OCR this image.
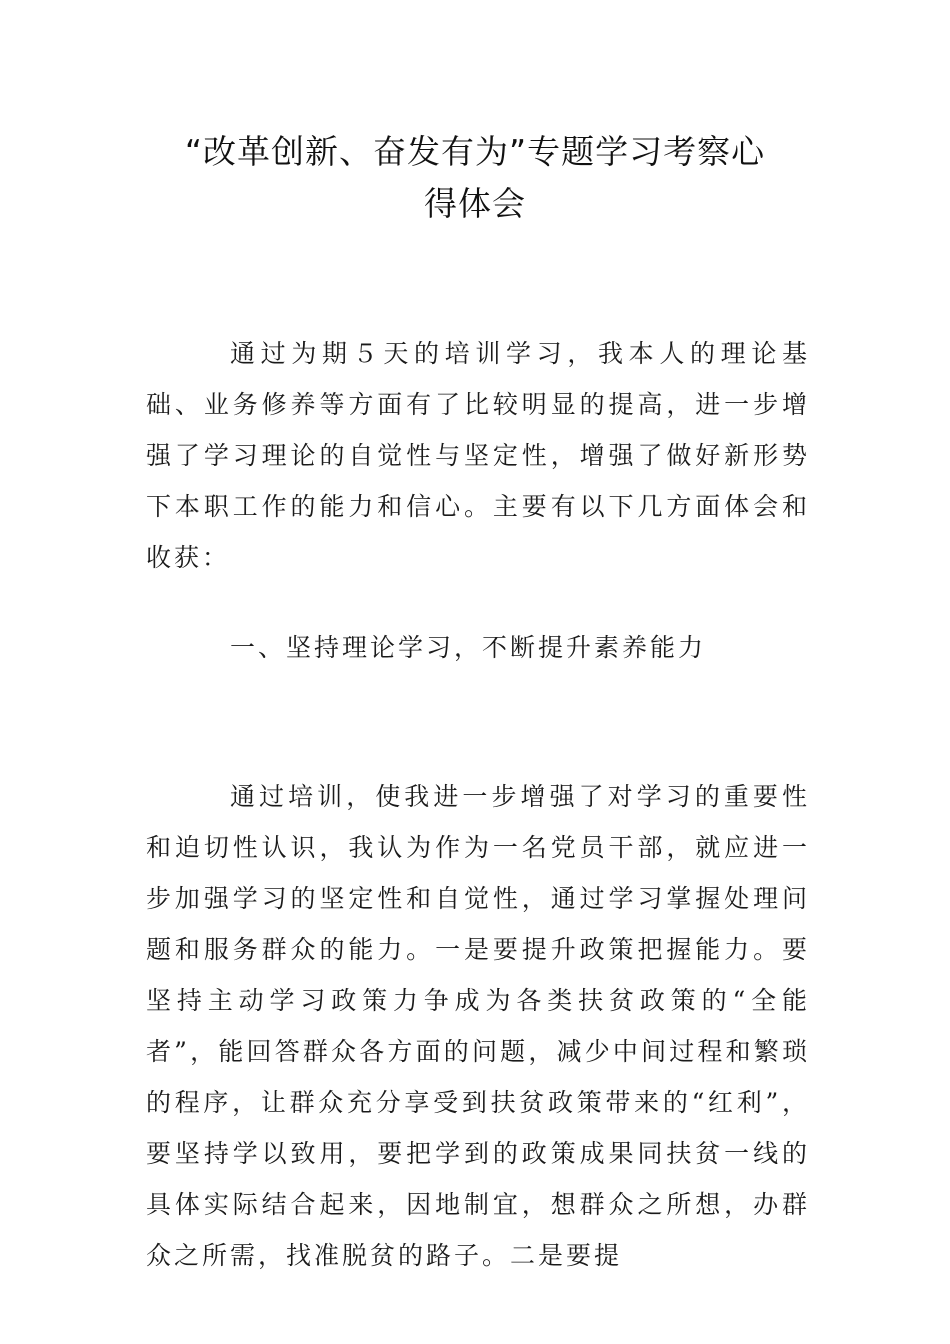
“改革创新、奋发有为”专题学习考察心
得体会
通过为期５天的培训学习，我本人的理论基础、业务修养等方面有了比较明显的提高，进一步增强了学习理论的自觉性与坚定性，增强了做好新形势下本职工作的能力和信心。主要有以下几方面体会和收获：
一、坚持理论学习，不断提升素养能力
通过培训，使我进一步增强了对学习的重要性和迫切性认识，我认为作为一名党员干部，就应进一步加强学习的坚定性和自觉性，通过学习掌握处理问题和服务群众的能力。一是要提升政策把握能力。要坚持主动学习政策力争成为各类扶贫政策的“全能者”，能回答群众各方面的问题，减少中间过程和繁琐的程序，让群众充分享受到扶贫政策带来的“红利”，要坚持学以致用，要把学到的政策成果同扶贫一线的具体实际结合起来，因地制宜，想群众之所想，办群众之所需，找准脱贫的路子。二是要提
